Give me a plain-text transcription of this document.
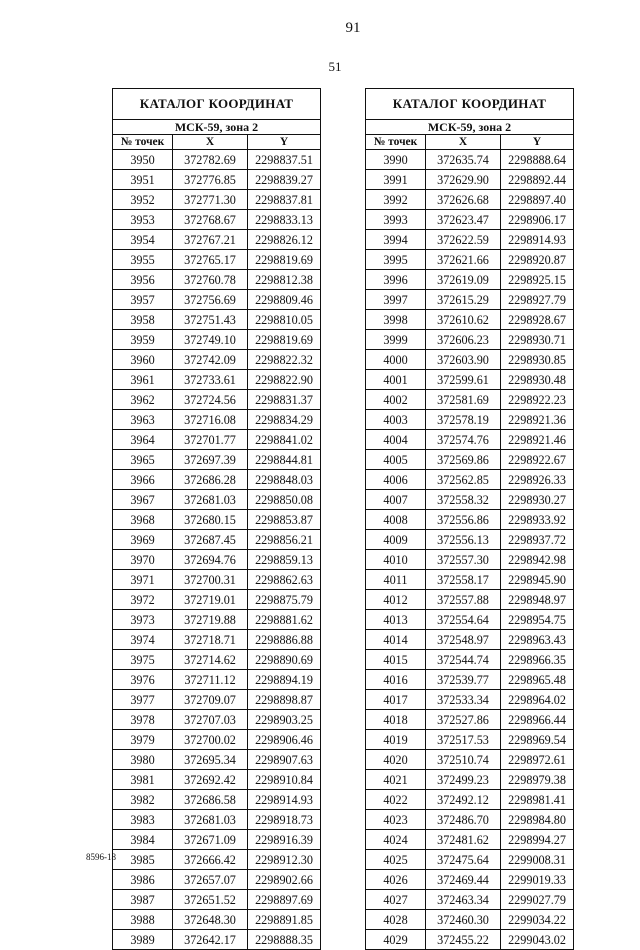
91
51
КАТАЛОГ КООРДИНАТ		
МСК-59, зона 2		
№ точек	X	Y
3950	372782.69	2298837.51
3951	372776.85	2298839.27
3952	372771.30	2298837.81
3953	372768.67	2298833.13
3954	372767.21	2298826.12
3955	372765.17	2298819.69
3956	372760.78	2298812.38
3957	372756.69	2298809.46
3958	372751.43	2298810.05
3959	372749.10	2298819.69
3960	372742.09	2298822.32
3961	372733.61	2298822.90
3962	372724.56	2298831.37
3963	372716.08	2298834.29
3964	372701.77	2298841.02
3965	372697.39	2298844.81
3966	372686.28	2298848.03
3967	372681.03	2298850.08
3968	372680.15	2298853.87
3969	372687.45	2298856.21
3970	372694.76	2298859.13
3971	372700.31	2298862.63
3972	372719.01	2298875.79
3973	372719.88	2298881.62
3974	372718.71	2298886.88
3975	372714.62	2298890.69
3976	372711.12	2298894.19
3977	372709.07	2298898.87
3978	372707.03	2298903.25
3979	372700.02	2298906.46
3980	372695.34	2298907.63
3981	372692.42	2298910.84
3982	372686.58	2298914.93
3983	372681.03	2298918.73
3984	372671.09	2298916.39
3985	372666.42	2298912.30
3986	372657.07	2298902.66
3987	372651.52	2298897.69
3988	372648.30	2298891.85
3989	372642.17	2298888.35
КАТАЛОГ КООРДИНАТ		
МСК-59, зона 2		
№ точек	X	Y
3990	372635.74	2298888.64
3991	372629.90	2298892.44
3992	372626.68	2298897.40
3993	372623.47	2298906.17
3994	372622.59	2298914.93
3995	372621.66	2298920.87
3996	372619.09	2298925.15
3997	372615.29	2298927.79
3998	372610.62	2298928.67
3999	372606.23	2298930.71
4000	372603.90	2298930.85
4001	372599.61	2298930.48
4002	372581.69	2298922.23
4003	372578.19	2298921.36
4004	372574.76	2298921.46
4005	372569.86	2298922.67
4006	372562.85	2298926.33
4007	372558.32	2298930.27
4008	372556.86	2298933.92
4009	372556.13	2298937.72
4010	372557.30	2298942.98
4011	372558.17	2298945.90
4012	372557.88	2298948.97
4013	372554.64	2298954.75
4014	372548.97	2298963.43
4015	372544.74	2298966.35
4016	372539.77	2298965.48
4017	372533.34	2298964.02
4018	372527.86	2298966.44
4019	372517.53	2298969.54
4020	372510.74	2298972.61
4021	372499.23	2298979.38
4022	372492.12	2298981.41
4023	372486.70	2298984.80
4024	372481.62	2298994.27
4025	372475.64	2299008.31
4026	372469.44	2299019.33
4027	372463.34	2299027.79
4028	372460.30	2299034.22
4029	372455.22	2299043.02
8596-18
